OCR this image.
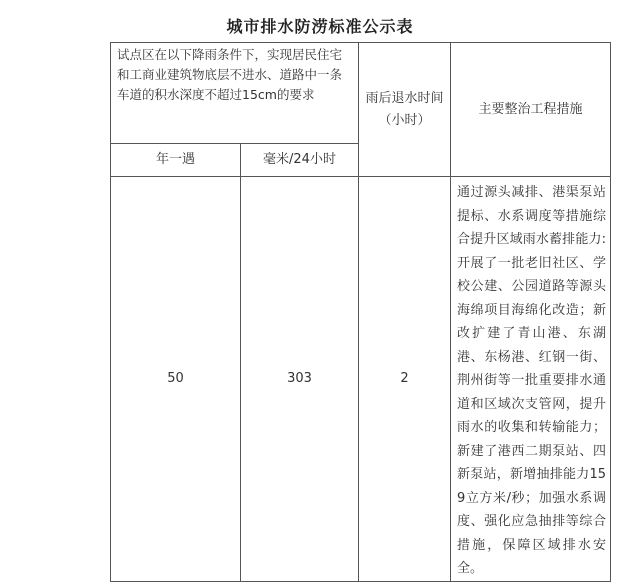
城市排水防涝标准公示表
试点区在以下降雨条件下，实现居民住宅和工商业建筑物底层不进水、道路中一条车道的积水深度不超过15cm的要求		雨后退水时间（小时）	主要整治工程措施
年一遇	毫米/24小时		
50	303	2	通过源头减排、港渠泵站提标、水系调度等措施综合提升区域雨水蓄排能力:开展了一批老旧社区、学校公建、公园道路等源头海绵项目海绵化改造；新改扩建了青山港、东湖港、东杨港、红钢一街、荆州街等一批重要排水通道和区域次支管网，提升雨水的收集和转输能力；新建了港西二期泵站、四新泵站，新增抽排能力159立方米/秒；加强水系调度、强化应急抽排等综合措施，保障区域排水安全。
